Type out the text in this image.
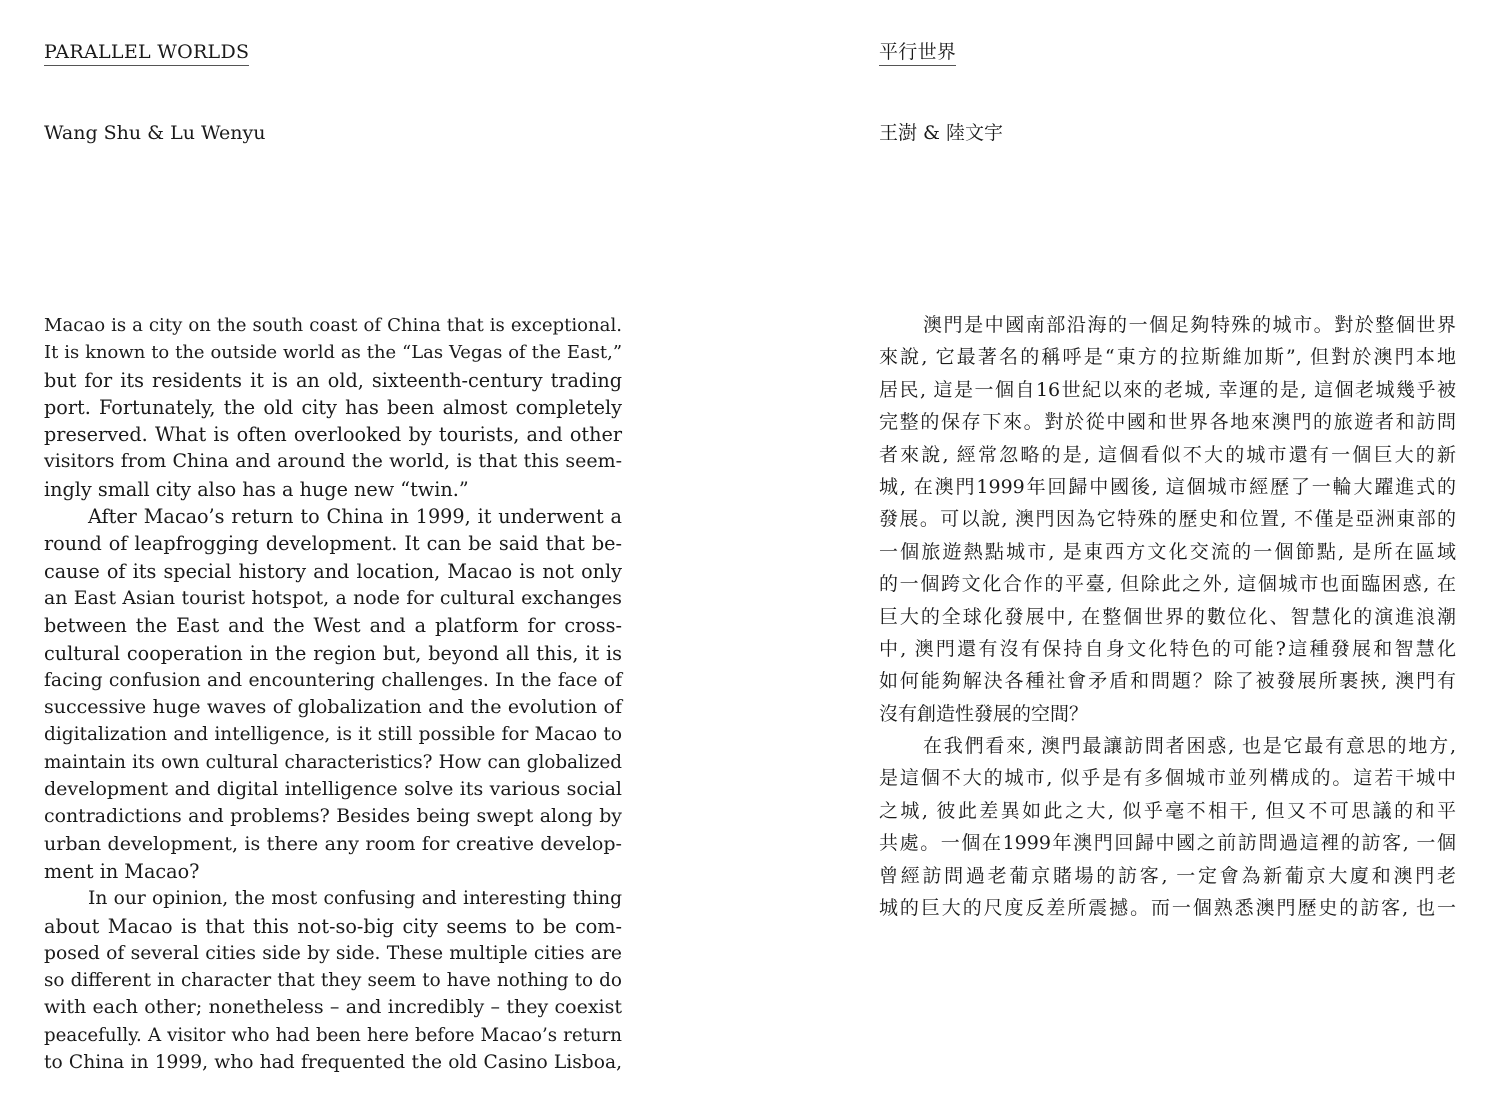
PARALLEL WORLDS
Wang Shu & Lu Wenyu
Macao is a city on the south coast of China that is exceptional.
It is known to the outside world as the “Las Vegas of the East,”
but for its residents it is an old, sixteenth-century trading
port. Fortunately, the old city has been almost completely
preserved. What is often overlooked by tourists, and other
visitors from China and around the world, is that this seem-
ingly small city also has a huge new “twin.”
After Macao’s return to China in 1999, it underwent a
round of leapfrogging development. It can be said that be-
cause of its special history and location, Macao is not only
an East Asian tourist hotspot, a node for cultural exchanges
between the East and the West and a platform for cross-
cultural cooperation in the region but, beyond all this, it is
facing confusion and encountering challenges. In the face of
successive huge waves of globalization and the evolution of
digitalization and intelligence, is it still possible for Macao to
maintain its own cultural characteristics? How can globalized
development and digital intelligence solve its various social
contradictions and problems? Besides being swept along by
urban development, is there any room for creative develop-
ment in Macao?
In our opinion, the most confusing and interesting thing
about Macao is that this not-so-big city seems to be com-
posed of several cities side by side. These multiple cities are
so different in character that they seem to have nothing to do
with each other; nonetheless – and incredibly – they coexist
peacefully. A visitor who had been here before Macao’s return
to China in 1999, who had frequented the old Casino Lisboa,
平行世界
王澍 & 陸文宇
澳門是中國南部沿海的一個足夠特殊的城市。對於整個世界
來說, 它最著名的稱呼是“東方的拉斯維加斯”, 但對於澳門本地
居民, 這是一個自16世紀以來的老城, 幸運的是, 這個老城幾乎被
完整的保存下來。對於從中國和世界各地來澳門的旅遊者和訪問
者來說, 經常忽略的是, 這個看似不大的城市還有一個巨大的新
城, 在澳門1999年回歸中國後, 這個城市經歷了一輪大躍進式的
發展。可以說, 澳門因為它特殊的歷史和位置, 不僅是亞洲東部的
一個旅遊熱點城市, 是東西方文化交流的一個節點, 是所在區域
的一個跨文化合作的平臺, 但除此之外, 這個城市也面臨困惑, 在
巨大的全球化發展中, 在整個世界的數位化、智慧化的演進浪潮
中, 澳門還有沒有保持自身文化特色的可能?這種發展和智慧化
如何能夠解決各種社會矛盾和問題？除了被發展所裹挾, 澳門有
沒有創造性發展的空間？
在我們看來, 澳門最讓訪問者困惑, 也是它最有意思的地方,
是這個不大的城市, 似乎是有多個城市並列構成的。這若干城中
之城, 彼此差異如此之大, 似乎毫不相干, 但又不可思議的和平
共處。一個在1999年澳門回歸中國之前訪問過這裡的訪客, 一個
曾經訪問過老葡京賭場的訪客, 一定會為新葡京大廈和澳門老
城的巨大的尺度反差所震撼。而一個熟悉澳門歷史的訪客, 也一
